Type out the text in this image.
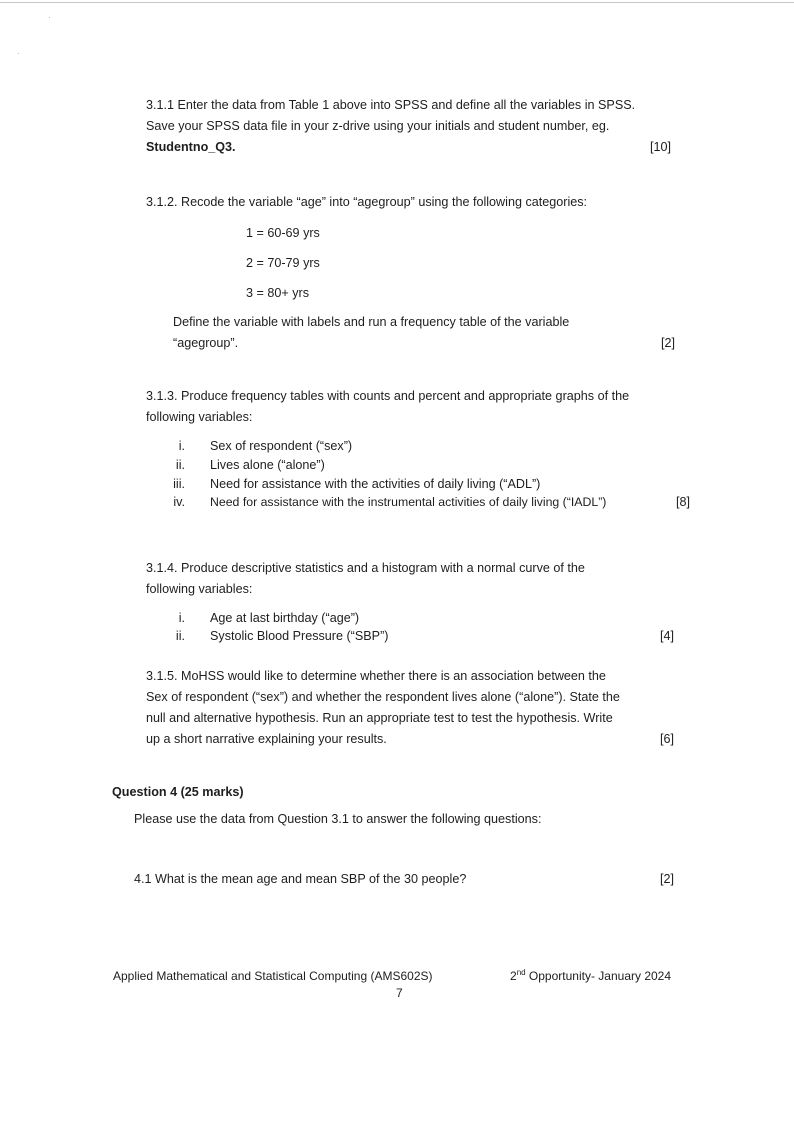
·
·
3.1.1 Enter the data from Table 1 above into SPSS and define all the variables in SPSS.
Save your SPSS data file in your z-drive using your initials and student number, eg.
Studentno_Q3.	[10]
3.1.2. Recode the variable “age” into “agegroup” using the following categories:
1 = 60-69 yrs
2 = 70-79 yrs
3 = 80+ yrs
Define the variable with labels and run a frequency table of the variable
“agegroup”.	[2]
3.1.3. Produce frequency tables with counts and percent and appropriate graphs of the
following variables:
i. Sex of respondent (“sex”)
ii. Lives alone (“alone”)
iii. Need for assistance with the activities of daily living (“ADL”)
iv. Need for assistance with the instrumental activities of daily living (“IADL”)	[8]
3.1.4. Produce descriptive statistics and a histogram with a normal curve of the
following variables:
i. Age at last birthday (“age”)
ii. Systolic Blood Pressure (“SBP”)	[4]
3.1.5. MoHSS would like to determine whether there is an association between the
Sex of respondent (“sex”) and whether the respondent lives alone (“alone”). State the
null and alternative hypothesis. Run an appropriate test to test the hypothesis. Write
up a short narrative explaining your results.	[6]
Question 4 (25 marks)
Please use the data from Question 3.1 to answer the following questions:
4.1 What is the mean age and mean SBP of the 30 people?	[2]
Applied Mathematical and Statistical Computing (AMS602S)	2nd Opportunity- January 2024
7
